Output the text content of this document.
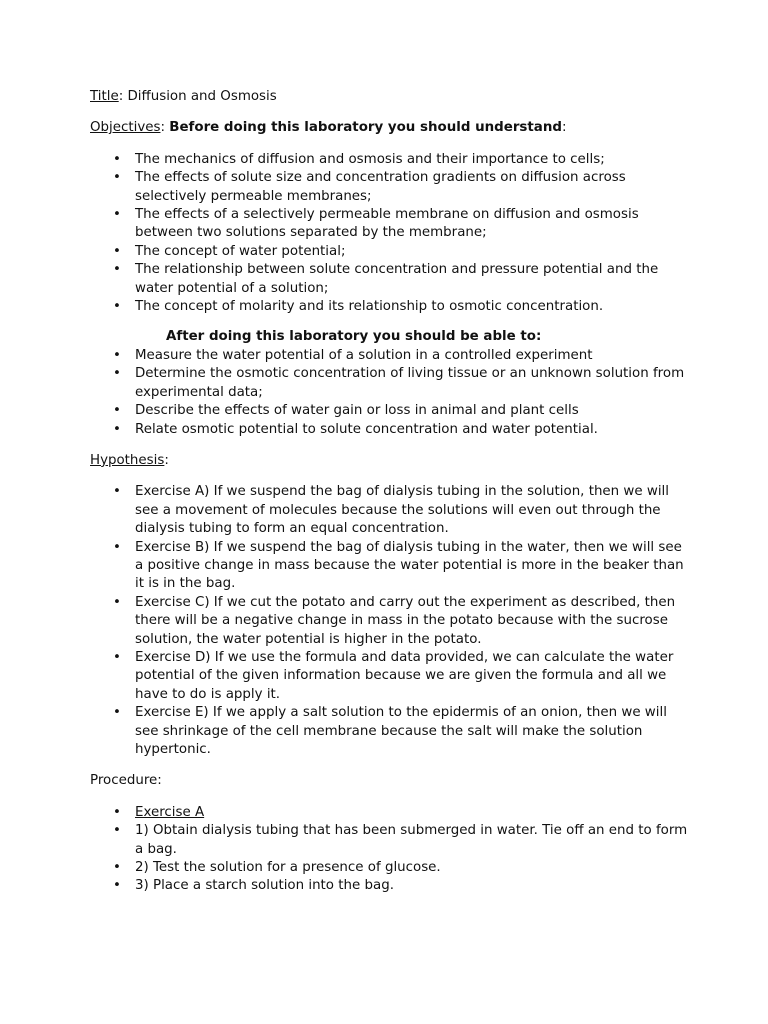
Title: Diffusion and Osmosis

Objectives: Before doing this laboratory you should understand:

• The mechanics of diffusion and osmosis and their importance to cells;
• The effects of solute size and concentration gradients on diffusion across selectively permeable membranes;
• The effects of a selectively permeable membrane on diffusion and osmosis between two solutions separated by the membrane;
• The concept of water potential;
• The relationship between solute concentration and pressure potential and the water potential of a solution;
• The concept of molarity and its relationship to osmotic concentration.

After doing this laboratory you should be able to:

• Measure the water potential of a solution in a controlled experiment
• Determine the osmotic concentration of living tissue or an unknown solution from experimental data;
• Describe the effects of water gain or loss in animal and plant cells
• Relate osmotic potential to solute concentration and water potential.

Hypothesis:

• Exercise A) If we suspend the bag of dialysis tubing in the solution, then we will see a movement of molecules because the solutions will even out through the dialysis tubing to form an equal concentration.
• Exercise B) If we suspend the bag of dialysis tubing in the water, then we will see a positive change in mass because the water potential is more in the beaker than it is in the bag.
• Exercise C) If we cut the potato and carry out the experiment as described, then there will be a negative change in mass in the potato because with the sucrose solution, the water potential is higher in the potato.
• Exercise D) If we use the formula and data provided, we can calculate the water potential of the given information because we are given the formula and all we have to do is apply it.
• Exercise E) If we apply a salt solution to the epidermis of an onion, then we will see shrinkage of the cell membrane because the salt will make the solution hypertonic.

Procedure:

• Exercise A
• 1) Obtain dialysis tubing that has been submerged in water. Tie off an end to form a bag.
• 2) Test the solution for a presence of glucose.
• 3) Place a starch solution into the bag.
